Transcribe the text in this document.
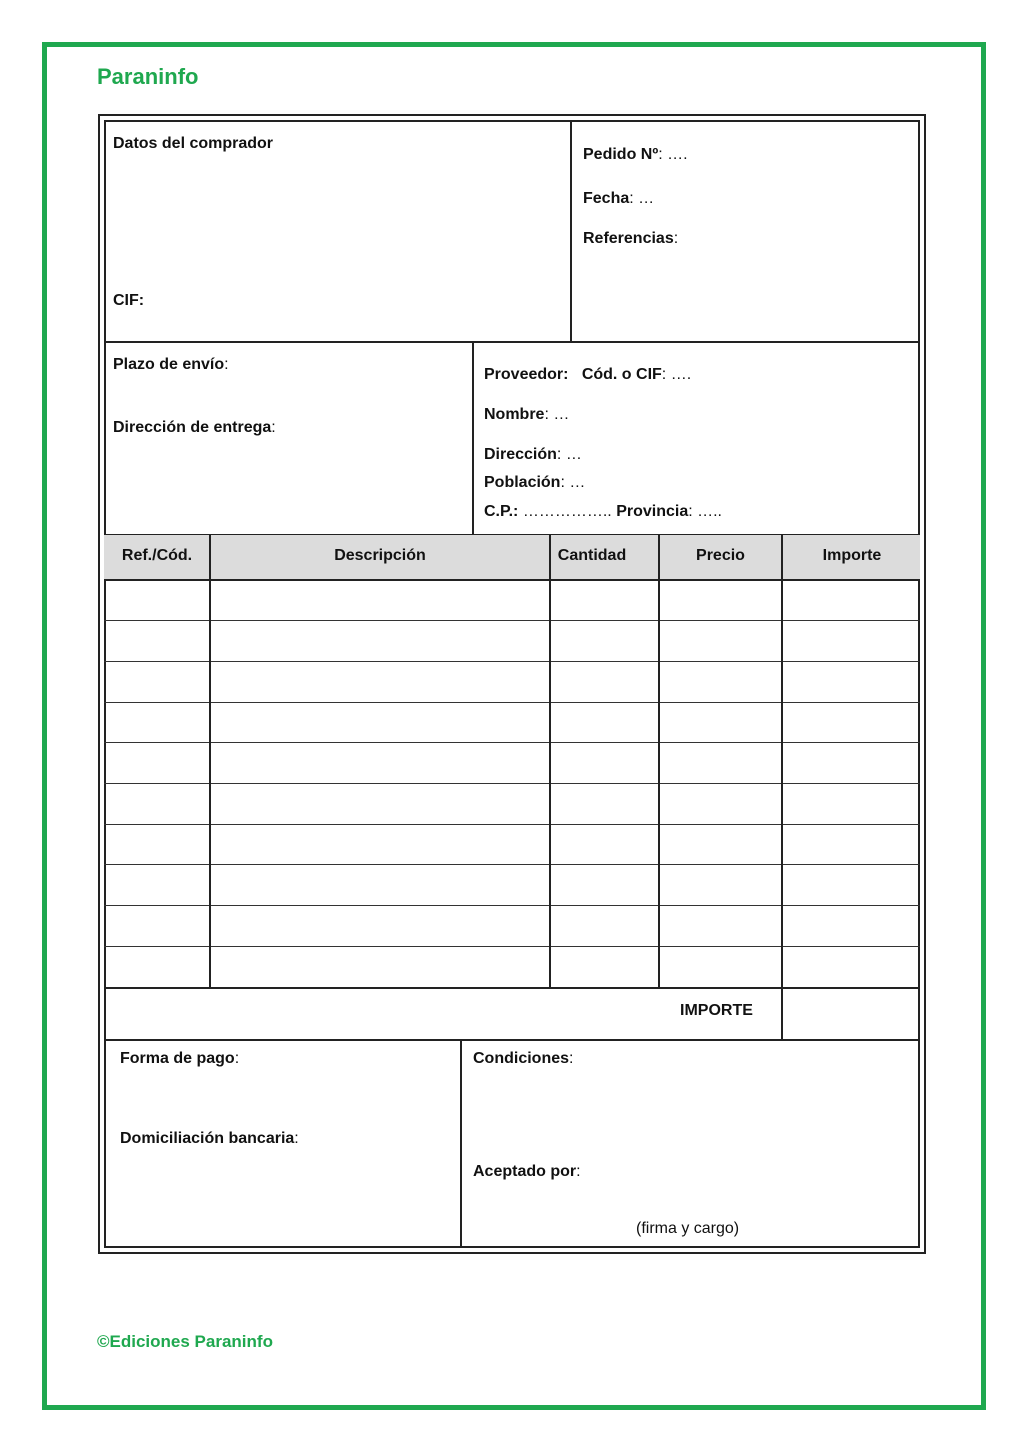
Paraninfo
Datos del comprador
CIF:
Pedido Nº: ….
Fecha: …
Referencias:
Plazo de envío:
Dirección de entrega:
Proveedor: Cód. o CIF: ….
Nombre: …
Dirección: …
Población: …
C.P.: …………….. Provincia: …..
Ref./Cód.	Descripción	Cantidad	Precio	Importe
IMPORTE
Forma de pago:
Domiciliación bancaria:
Condiciones:
Aceptado por:
(firma y cargo)
©Ediciones Paraninfo
